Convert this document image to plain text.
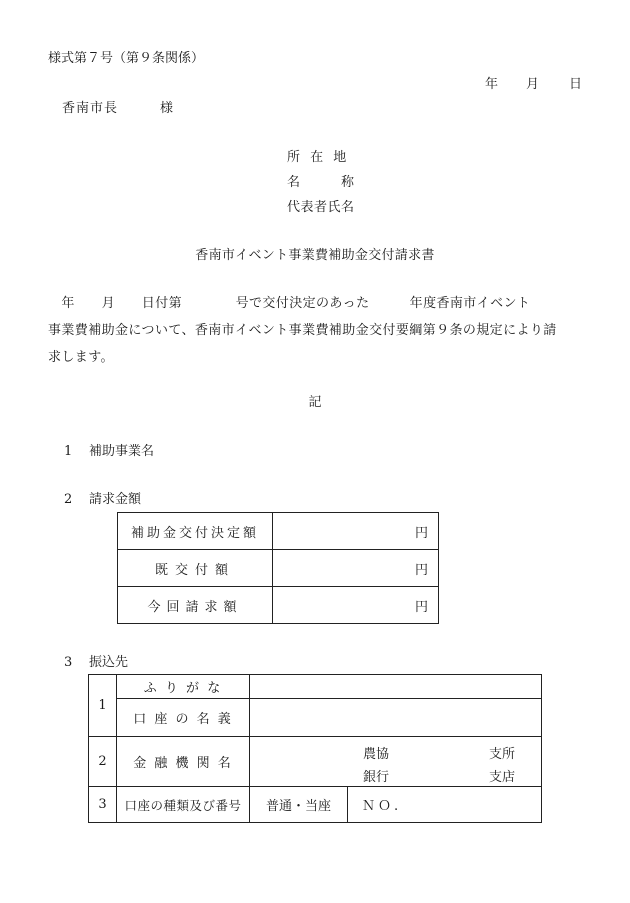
様式第７号（第９条関係）
年 月 日
香南市長	様
所 在 地
名	称
代表者氏名
香南市イベント事業費補助金交付請求書
　年　　月　　日付第　　　　号で交付決定のあった　　　年度香南市イベント
事業費補助金について、香南市イベント事業費補助金交付要綱第９条の規定により請
求します。
記
1 補助事業名
2 請求金額
補助金交付決定額	円
既交付額	円
今回請求額	円
3 振込先
1	ふ り が な		
	口 座 の 名 義		
2	金 融 機 関 名	農協 支所
銀行 支店	

3	口座の種類及び番号	普通・当座	ＮＯ.
